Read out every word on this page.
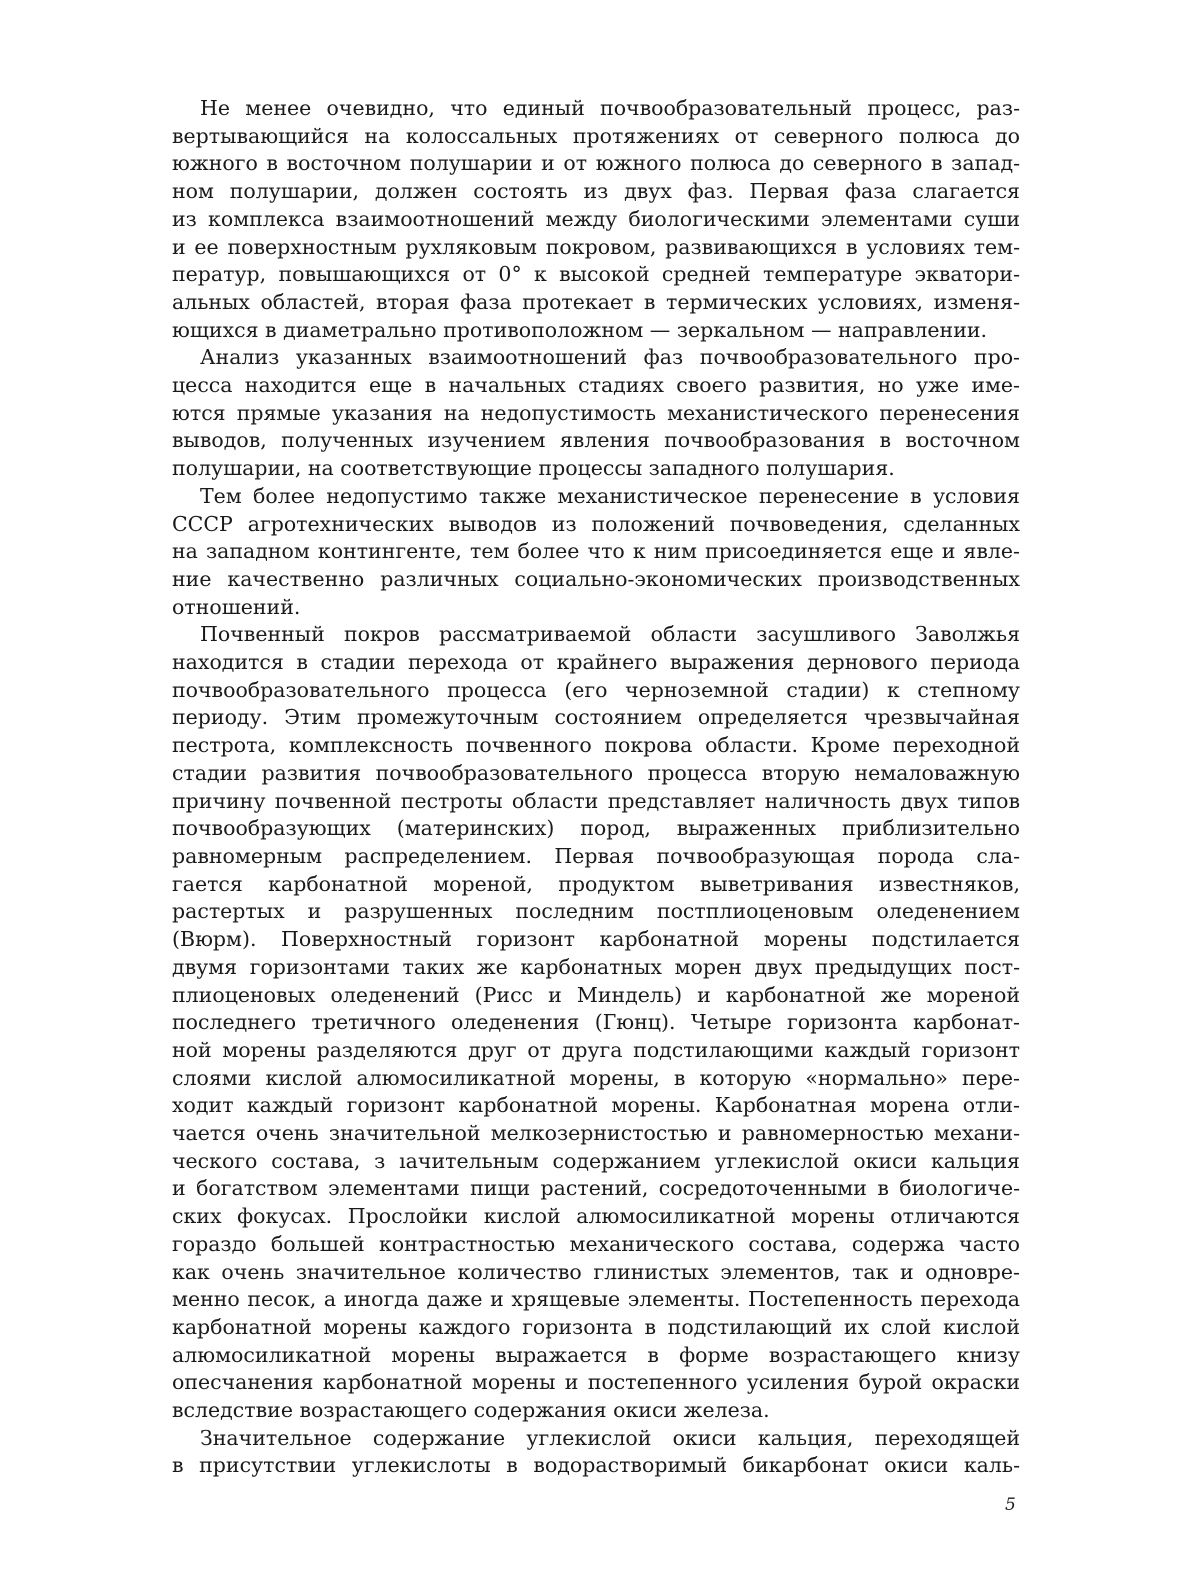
Не менее очевидно, что единый почвообразовательный процесс, раз-
вертывающийся на колоссальных протяжениях от северного полюса до
южного в восточном полушарии и от южного полюса до северного в запад-
ном полушарии, должен состоять из двух фаз. Первая фаза слагается
из комплекса взаимоотношений между биологическими элементами суши
и ее поверхностным рухляковым покровом, развивающихся в условиях тем-
ператур, повышающихся от 0° к высокой средней температуре экватори-
альных областей, вторая фаза протекает в термических условиях, изменя-
ющихся в диаметрально противоположном — зеркальном — направлении.
Анализ указанных взаимоотношений фаз почвообразовательного про-
цесса находится еще в начальных стадиях своего развития, но уже име-
ются прямые указания на недопустимость механистического перенесения
выводов, полученных изучением явления почвообразования в восточном
полушарии, на соответствующие процессы западного полушария.
Тем более недопустимо также механистическое перенесение в условия
СССР агротехнических выводов из положений почвоведения, сделанных
на западном контингенте, тем более что к ним присоединяется еще и явле-
ние качественно различных социально-экономических производственных
отношений.
Почвенный покров рассматриваемой области засушливого Заволжья
находится в стадии перехода от крайнего выражения дернового периода
почвообразовательного процесса (его черноземной стадии) к степному
периоду. Этим промежуточным состоянием определяется чрезвычайная
пестрота, комплексность почвенного покрова области. Кроме переходной
стадии развития почвообразовательного процесса вторую немаловажную
причину почвенной пестроты области представляет наличность двух типов
почвообразующих (материнских) пород, выраженных приблизительно
равномерным распределением. Первая почвообразующая порода сла-
гается карбонатной мореной, продуктом выветривания известняков,
растертых и разрушенных последним постплиоценовым оледенением
(Вюрм). Поверхностный горизонт карбонатной морены подстилается
двумя горизонтами таких же карбонатных морен двух предыдущих пост-
плиоценовых оледенений (Рисс и Миндель) и карбонатной же мореной
последнего третичного оледенения (Гюнц). Четыре горизонта карбонат-
ной морены разделяются друг от друга подстилающими каждый горизонт
слоями кислой алюмосиликатной морены, в которую «нормально» пере-
ходит каждый горизонт карбонатной морены. Карбонатная морена отли-
чается очень значительной мелкозернистостью и равномерностью механи-
ческого состава, з ıачительным содержанием углекислой окиси кальция
и богатством элементами пищи растений, сосредоточенными в биологиче-
ских фокусах. Прослойки кислой алюмосиликатной морены отличаются
гораздо большей контрастностью механического состава, содержа часто
как очень значительное количество глинистых элементов, так и одновре-
менно песок, а иногда даже и хрящевые элементы. Постепенность перехода
карбонатной морены каждого горизонта в подстилающий их слой кислой
алюмосиликатной морены выражается в форме возрастающего книзу
опесчанения карбонатной морены и постепенного усиления бурой окраски
вследствие возрастающего содержания окиси железа.
Значительное содержание углекислой окиси кальция, переходящей
в присутствии углекислоты в водорастворимый бикарбонат окиси каль-
5
